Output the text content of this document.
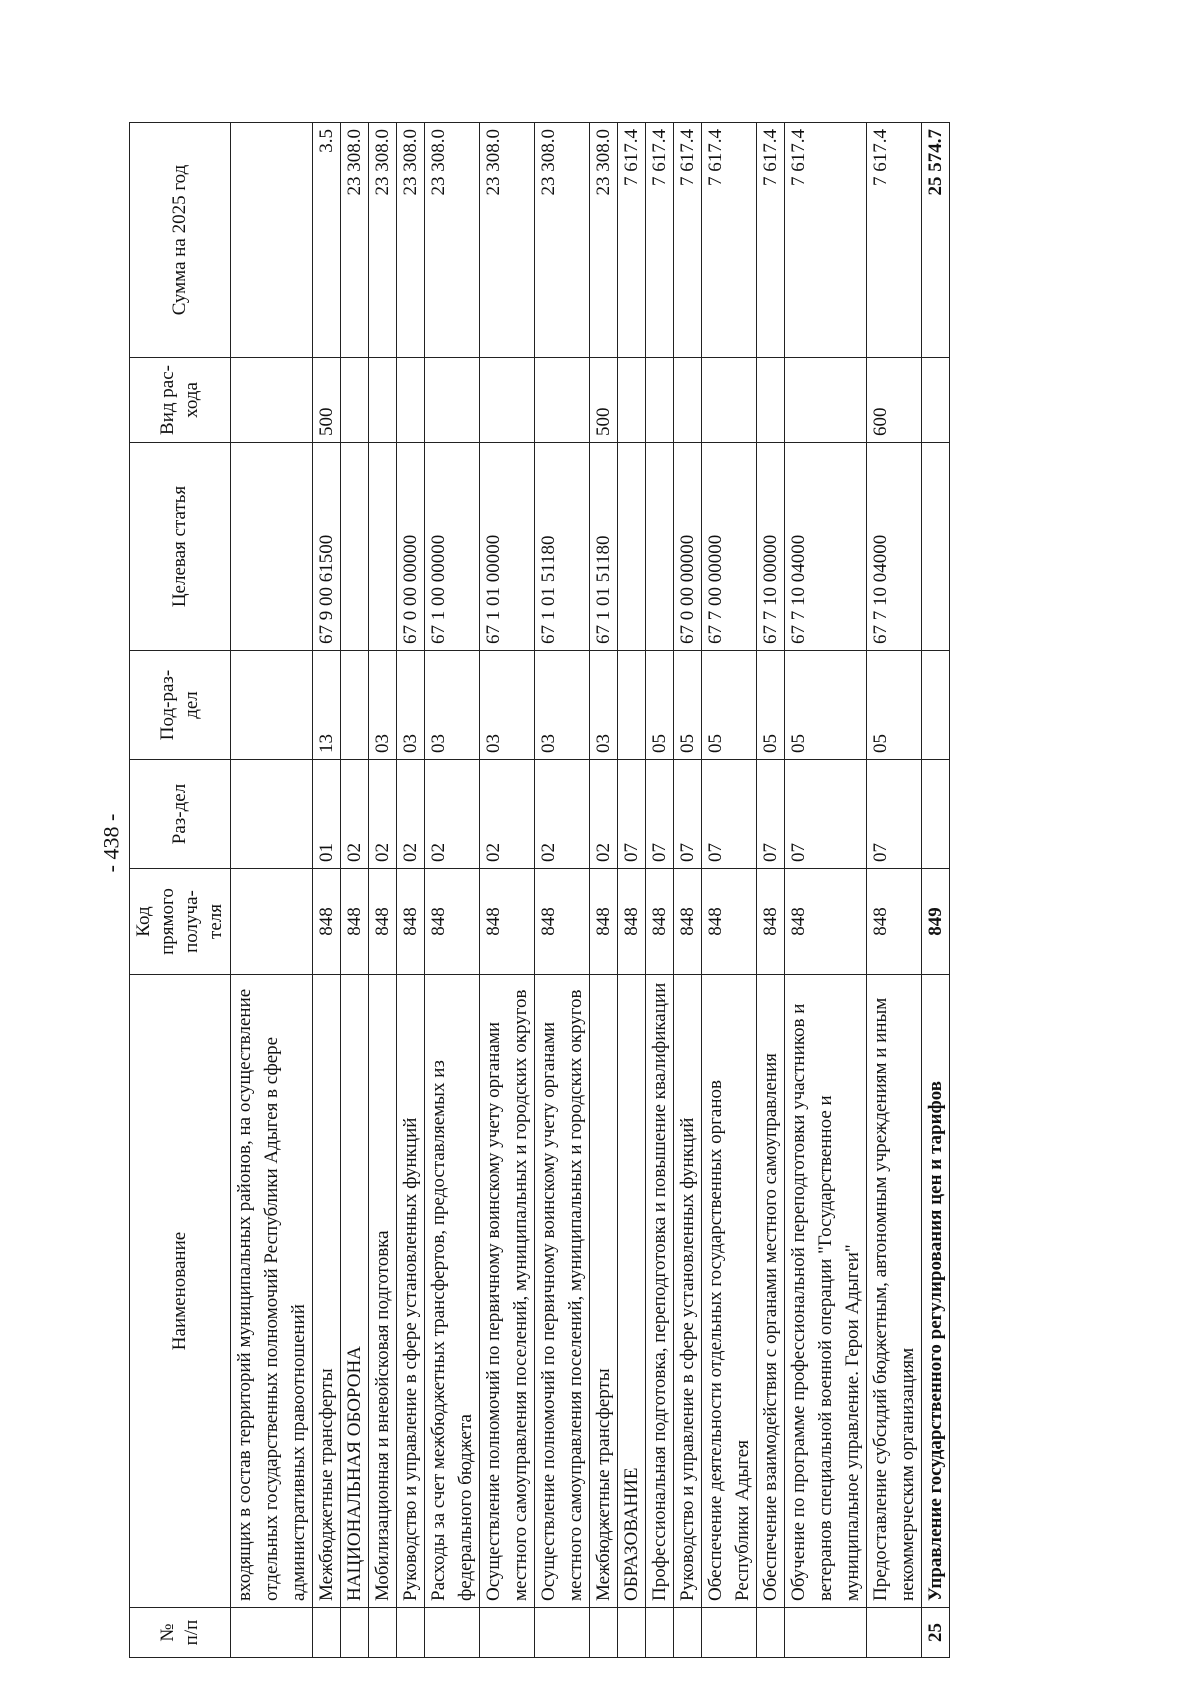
- 438 -
№ п/п	Наименование	Код прямого получа-теля	Раз-дел	Под-раз-дел	Целевая статья	Вид рас-хода	Сумма на 2025 год
	входящих в состав территорий муниципальных районов, на осуществление отдельных государственных полномочий Республики Адыгея в сфере административных правоотношений						
	Межбюджетные трансферты	848	01	13	67 9 00 61500	500	3.5
	НАЦИОНАЛЬНАЯ ОБОРОНА	848	02				23 308.0
	Мобилизационная и вневойсковая подготовка	848	02	03			23 308.0
	Руководство и управление в сфере установленных функций	848	02	03	67 0 00 00000		23 308.0
	Расходы за счет межбюджетных трансфертов, предоставляемых из федерального бюджета	848	02	03	67 1 00 00000		23 308.0
	Осуществление полномочий по первичному воинскому учету органами местного самоуправления поселений, муниципальных и городских округов	848	02	03	67 1 01 00000		23 308.0
	Осуществление полномочий по первичному воинскому учету органами местного самоуправления поселений, муниципальных и городских округов	848	02	03	67 1 01 51180		23 308.0
	Межбюджетные трансферты	848	02	03	67 1 01 51180	500	23 308.0
	ОБРАЗОВАНИЕ	848	07				7 617.4
	Профессиональная подготовка, переподготовка и повышение квалификации	848	07	05			7 617.4
	Руководство и управление в сфере установленных функций	848	07	05	67 0 00 00000		7 617.4
	Обеспечение деятельности отдельных государственных органов Республики Адыгея	848	07	05	67 7 00 00000		7 617.4
	Обеспечение взаимодействия с органами местного самоуправления	848	07	05	67 7 10 00000		7 617.4
	Обучение по программе профессиональной переподготовки участников и ветеранов специальной военной операции "Государственное и муниципальное управление. Герои Адыгеи"	848	07	05	67 7 10 04000		7 617.4
	Предоставление субсидий бюджетным, автономным учреждениям и иным некоммерческим организациям	848	07	05	67 7 10 04000	600	7 617.4
25	Управление государственного регулирования цен и тарифов	849					25 574.7
